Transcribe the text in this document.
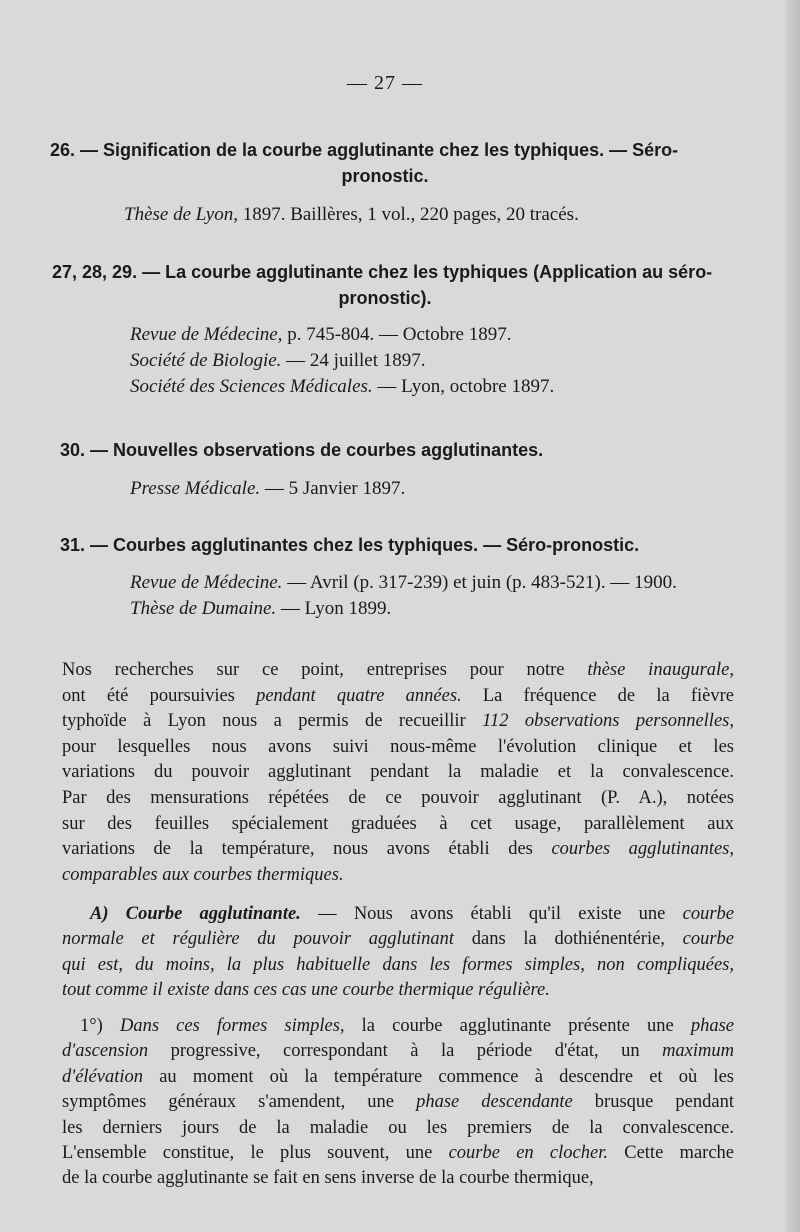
— 27 —
26. — Signification de la courbe agglutinante chez les typhiques. — Séro-
pronostic.
Thèse de Lyon, 1897. Baillères, 1 vol., 220 pages, 20 tracés.
27, 28, 29. — La courbe agglutinante chez les typhiques (Application au séro-
pronostic).
Revue de Médecine, p. 745-804. — Octobre 1897.
Société de Biologie. — 24 juillet 1897.
Société des Sciences Médicales. — Lyon, octobre 1897.
30. — Nouvelles observations de courbes agglutinantes.
Presse Médicale. — 5 Janvier 1897.
31. — Courbes agglutinantes chez les typhiques. — Séro-pronostic.
Revue de Médecine. — Avril (p. 317-239) et juin (p. 483-521). — 1900.
Thèse de Dumaine. — Lyon 1899.
Nos recherches sur ce point, entreprises pour notre thèse inaugurale,
ont été poursuivies pendant quatre années. La fréquence de la fièvre
typhoïde à Lyon nous a permis de recueillir 112 observations personnelles,
pour lesquelles nous avons suivi nous-même l'évolution clinique et les
variations du pouvoir agglutinant pendant la maladie et la convalescence.
Par des mensurations répétées de ce pouvoir agglutinant (P. A.), notées
sur des feuilles spécialement graduées à cet usage, parallèlement aux
variations de la température, nous avons établi des courbes agglutinantes,
comparables aux courbes thermiques.
A) Courbe agglutinante. — Nous avons établi qu'il existe une courbe
normale et régulière du pouvoir agglutinant dans la dothiénentérie, courbe
qui est, du moins, la plus habituelle dans les formes simples, non compliquées,
tout comme il existe dans ces cas une courbe thermique régulière.
1°) Dans ces formes simples, la courbe agglutinante présente une phase
d'ascension progressive, correspondant à la période d'état, un maximum
d'élévation au moment où la température commence à descendre et où les
symptômes généraux s'amendent, une phase descendante brusque pendant
les derniers jours de la maladie ou les premiers de la convalescence.
L'ensemble constitue, le plus souvent, une courbe en clocher. Cette marche
de la courbe agglutinante se fait en sens inverse de la courbe thermique,
